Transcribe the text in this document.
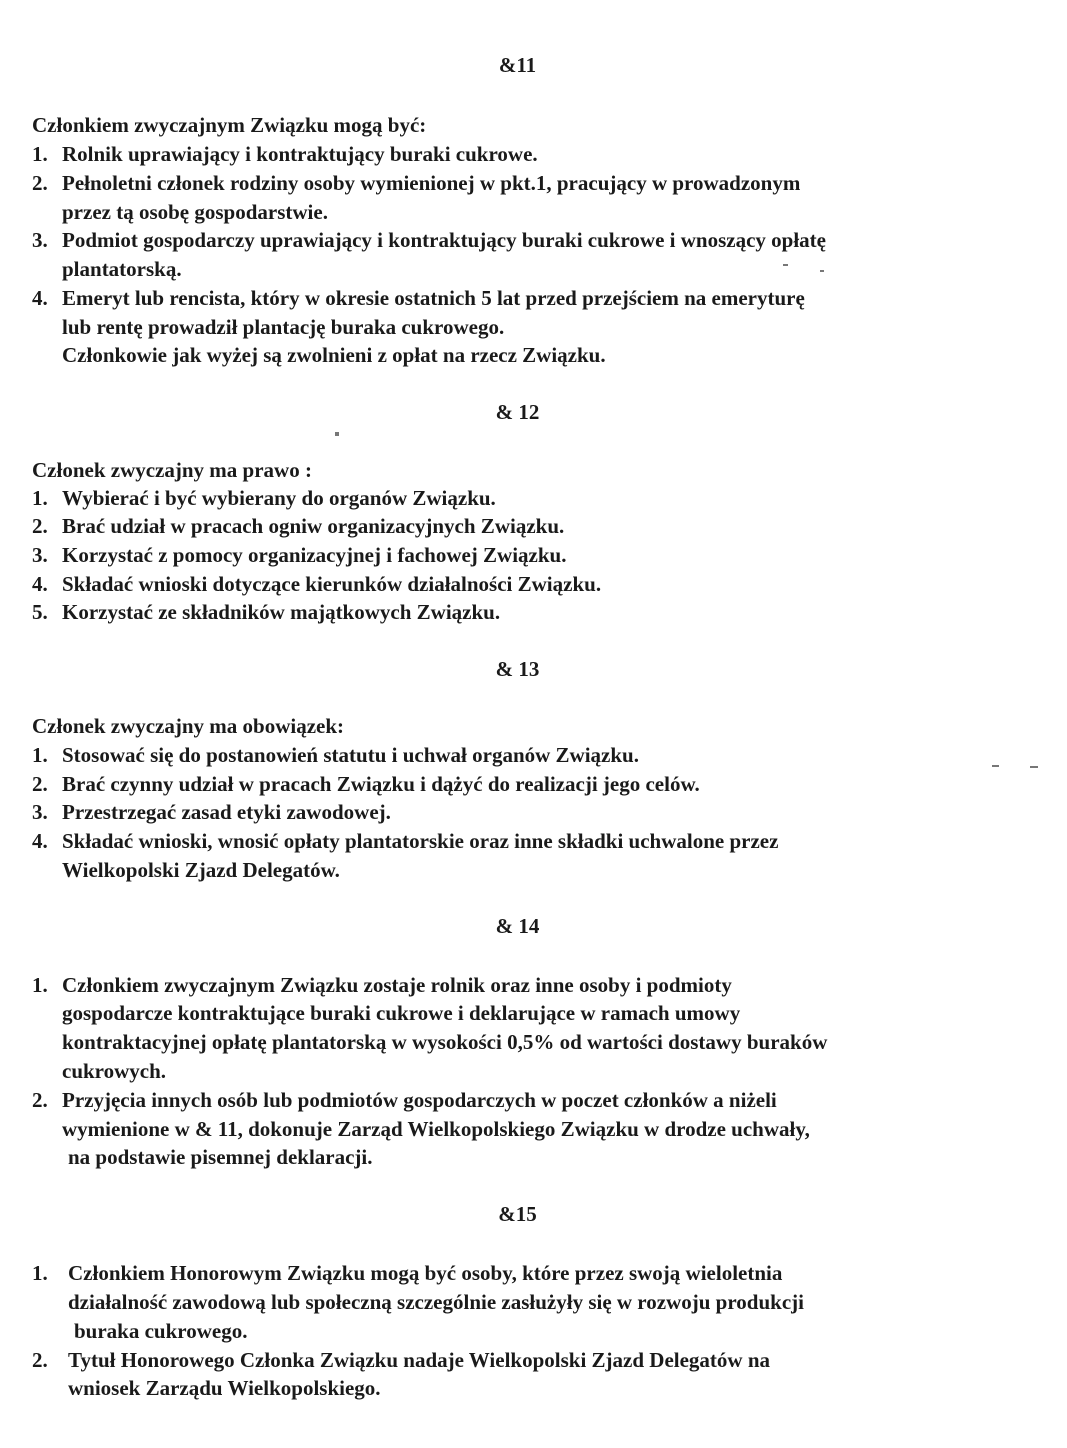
&11
Członkiem zwyczajnym Związku mogą być:
1. Rolnik uprawiający i kontraktujący buraki cukrowe.
2. Pełnoletni członek rodziny osoby wymienionej w pkt.1, pracujący w prowadzonym
przez tą osobę gospodarstwie.
3. Podmiot gospodarczy uprawiający i kontraktujący buraki cukrowe i wnoszący opłatę
plantatorską.
4. Emeryt lub rencista, który w okresie ostatnich 5 lat przed przejściem na emeryturę
lub rentę prowadził plantację buraka cukrowego.
Członkowie jak wyżej są zwolnieni z opłat na rzecz Związku.
& 12
Członek zwyczajny ma prawo :
1. Wybierać i być wybierany do organów Związku.
2. Brać udział w pracach ogniw organizacyjnych Związku.
3. Korzystać z pomocy organizacyjnej i fachowej Związku.
4. Składać wnioski dotyczące kierunków działalności Związku.
5. Korzystać ze składników majątkowych Związku.
& 13
Członek zwyczajny ma obowiązek:
1. Stosować się do postanowień statutu i uchwał organów Związku.
2. Brać czynny udział w pracach Związku i dążyć do realizacji jego celów.
3. Przestrzegać zasad etyki zawodowej.
4. Składać wnioski, wnosić opłaty plantatorskie oraz inne składki uchwalone przez
Wielkopolski Zjazd Delegatów.
& 14
1. Członkiem zwyczajnym Związku zostaje rolnik oraz inne osoby i podmioty
gospodarcze kontraktujące buraki cukrowe i deklarujące w ramach umowy
kontraktacyjnej opłatę plantatorską w wysokości 0,5% od wartości dostawy buraków
cukrowych.
2. Przyjęcia innych osób lub podmiotów gospodarczych w poczet członków a niżeli
wymienione w & 11, dokonuje Zarząd Wielkopolskiego Związku w drodze uchwały,
na podstawie pisemnej deklaracji.
&15
1. Członkiem Honorowym Związku mogą być osoby, które przez swoją wieloletnia
działalność zawodową lub społeczną szczególnie zasłużyły się w rozwoju produkcji
buraka cukrowego.
2. Tytuł Honorowego Członka Związku nadaje Wielkopolski Zjazd Delegatów na
wniosek Zarządu Wielkopolskiego.
